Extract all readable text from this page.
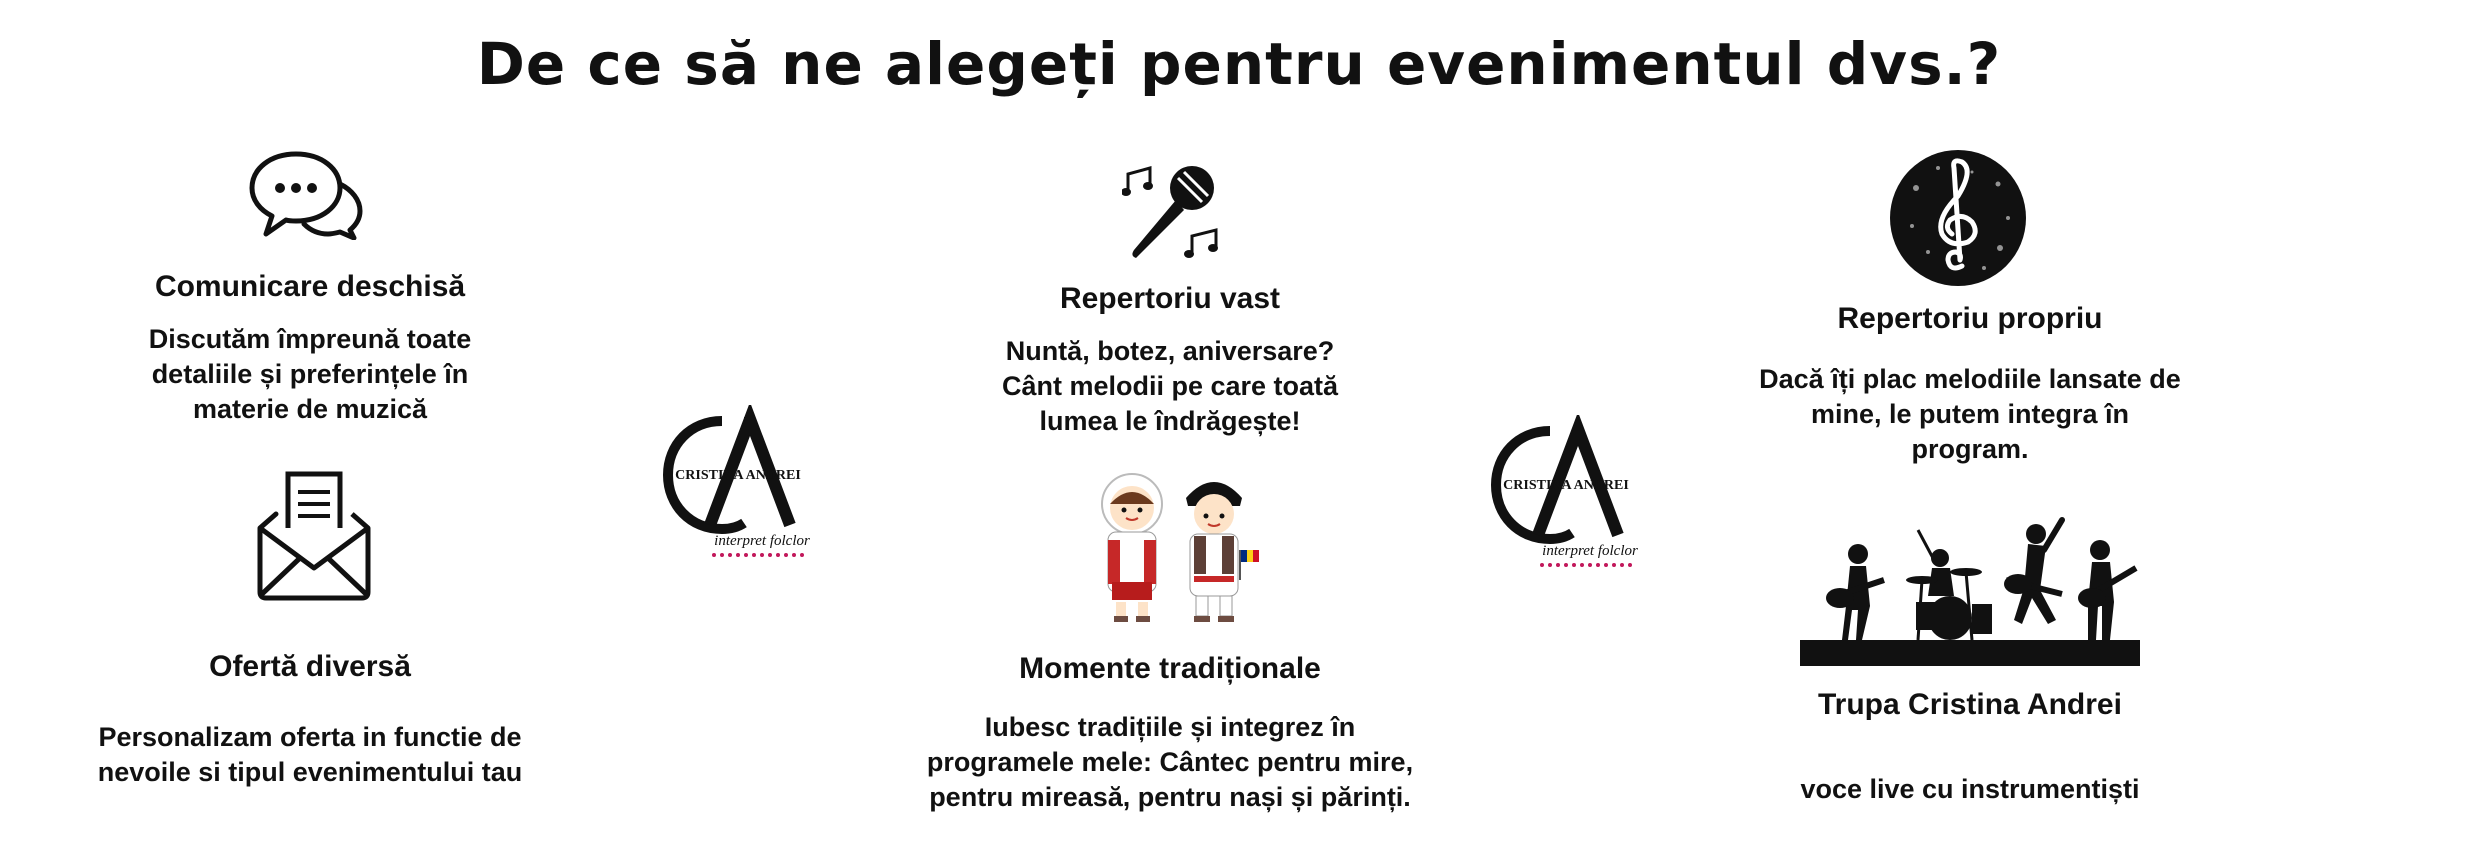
De ce să ne alegeți pentru evenimentul dvs.?
Comunicare deschisă
Discutăm împreună toate
detaliile și preferințele în
materie de muzică
Ofertă diversă
Personalizam oferta in functie de
nevoile si tipul evenimentului tau
CRISTINA ANDREI
interpret folclor
Repertoriu vast
Nuntă, botez, aniversare?
Cânt melodii pe care toată
lumea le îndrăgește!
Momente tradiționale
Iubesc tradițiile și integrez în
programele mele: Cântec pentru mire,
pentru mireasă, pentru nași și părinți.
CRISTINA ANDREI
interpret folclor
Repertoriu propriu
Dacă îți plac melodiile lansate de
mine, le putem integra în
program.
Trupa Cristina Andrei
voce live cu instrumentiști
